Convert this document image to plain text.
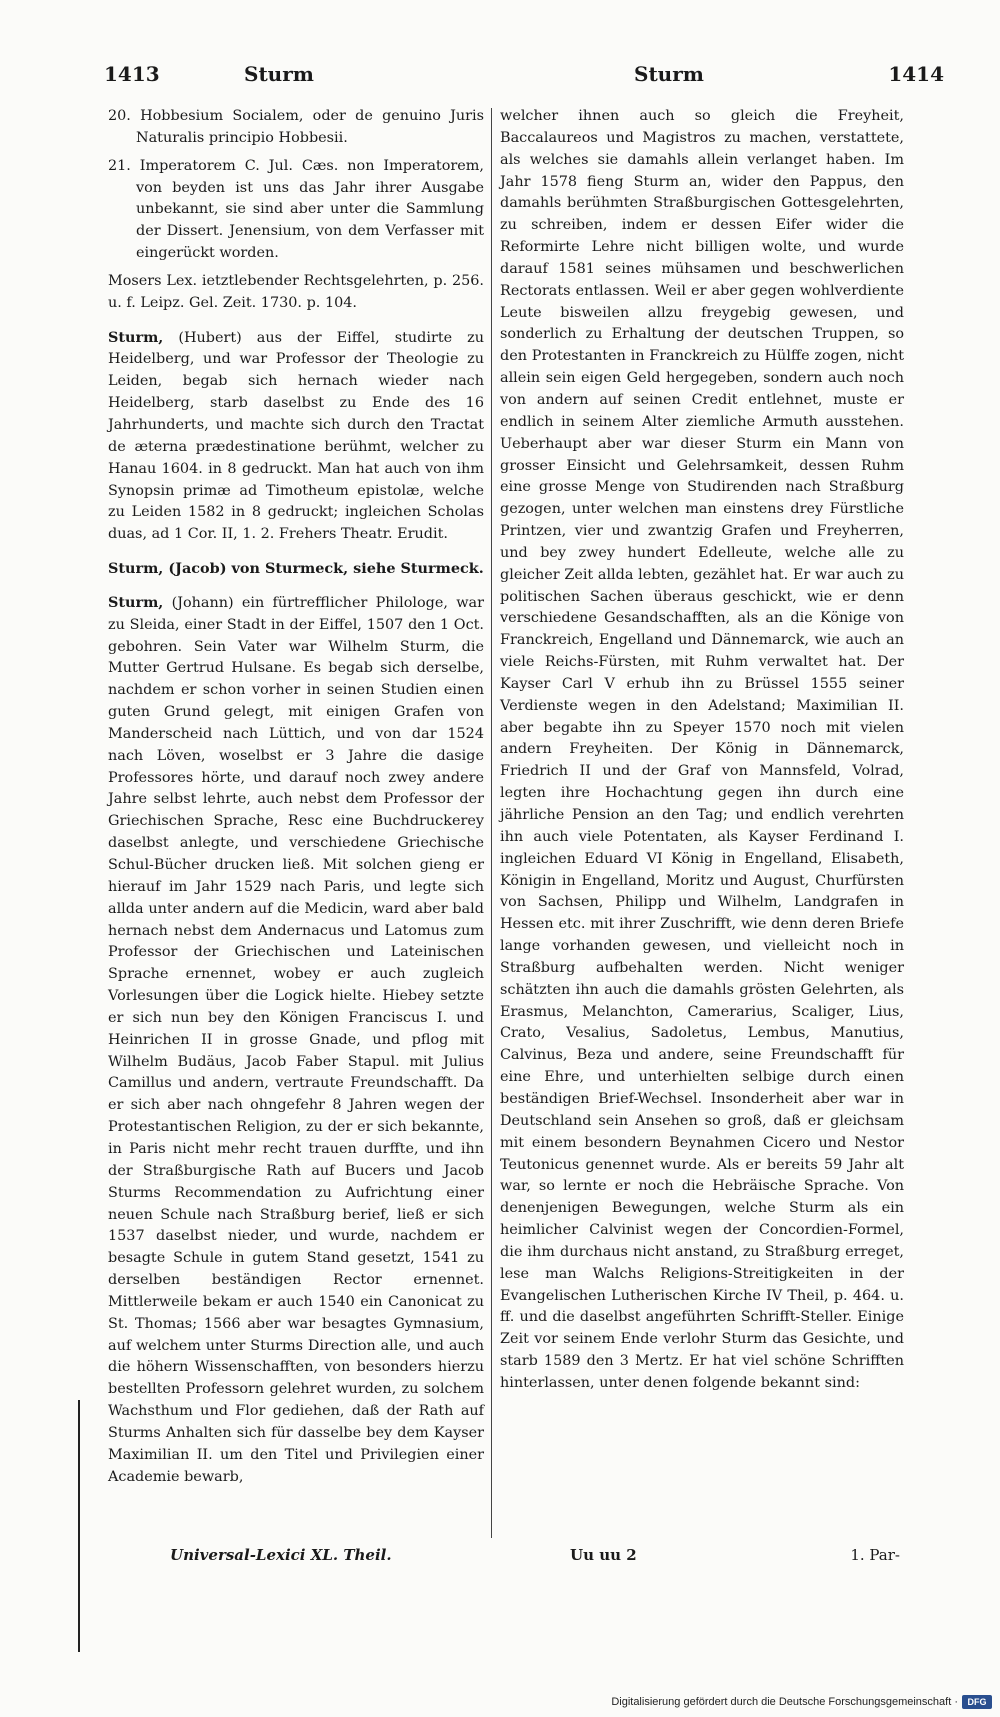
1413	Sturm	Sturm	1414

20. Hobbesium Socialem, oder de genuino Juris Naturalis principio Hobbesii.

21. Imperatorem C. Jul. Cæs. non Imperatorem, von beyden ist uns das Jahr ihrer Ausgabe unbekannt, sie sind aber unter die Sammlung der Dissert. Jenensium, von dem Verfasser mit eingerückt worden.

Mosers Lex. ietztlebender Rechtsgelehrten, p. 256. u. f. Leipz. Gel. Zeit. 1730. p. 104.

Sturm, (Hubert) aus der Eiffel, studirte zu Heidelberg, und war Professor der Theologie zu Leiden, begab sich hernach wieder nach Heidelberg, starb daselbst zu Ende des 16 Jahrhunderts, und machte sich durch den Tractat de æterna prædestinatione berühmt, welcher zu Hanau 1604. in 8 gedruckt. Man hat auch von ihm Synopsin primæ ad Timotheum epistolæ, welche zu Leiden 1582 in 8 gedruckt; ingleichen Scholas duas, ad 1 Cor. II, 1. 2. Frehers Theatr. Erudit.

Sturm, (Jacob) von Sturmeck, siehe Sturmeck.

Sturm, (Johann) ein fürtrefflicher Philologe, war zu Sleida, einer Stadt in der Eiffel, 1507 den 1 Oct. gebohren. Sein Vater war Wilhelm Sturm, die Mutter Gertrud Hulsane. Es begab sich derselbe, nachdem er schon vorher in seinen Studien einen guten Grund gelegt, mit einigen Grafen von Manderscheid nach Lüttich, und von dar 1524 nach Löven, woselbst er 3 Jahre die dasige Professores hörte, und darauf noch zwey andere Jahre selbst lehrte, auch nebst dem Professor der Griechischen Sprache, Resc eine Buchdruckerey daselbst anlegte, und verschiedene Griechische Schul-Bücher drucken ließ. Mit solchen gieng er hierauf im Jahr 1529 nach Paris, und legte sich allda unter andern auf die Medicin, ward aber bald hernach nebst dem Andernacus und Latomus zum Professor der Griechischen und Lateinischen Sprache ernennet, wobey er auch zugleich Vorlesungen über die Logick hielte. Hiebey setzte er sich nun bey den Königen Franciscus I. und Heinrichen II in grosse Gnade, und pflog mit Wilhelm Budäus, Jacob Faber Stapul. mit Julius Camillus und andern, vertraute Freundschafft. Da er sich aber nach ohngefehr 8 Jahren wegen der Protestantischen Religion, zu der er sich bekannte, in Paris nicht mehr recht trauen durffte, und ihn der Straßburgische Rath auf Bucers und Jacob Sturms Recommendation zu Aufrichtung einer neuen Schule nach Straßburg berief, ließ er sich 1537 daselbst nieder, und wurde, nachdem er besagte Schule in gutem Stand gesetzt, 1541 zu derselben beständigen Rector ernennet. Mittlerweile bekam er auch 1540 ein Canonicat zu St. Thomas; 1566 aber war besagtes Gymnasium, auf welchem unter Sturms Direction alle, und auch die höhern Wissenschafften, von besonders hierzu bestellten Professorn gelehret wurden, zu solchem Wachsthum und Flor gediehen, daß der Rath auf Sturms Anhalten sich für dasselbe bey dem Kayser Maximilian II. um den Titel und Privilegien einer Academie bewarb,

welcher ihnen auch so gleich die Freyheit, Baccalaureos und Magistros zu machen, verstattete, als welches sie damahls allein verlanget haben. Im Jahr 1578 fieng Sturm an, wider den Pappus, den damahls berühmten Straßburgischen Gottesgelehrten, zu schreiben, indem er dessen Eifer wider die Reformirte Lehre nicht billigen wolte, und wurde darauf 1581 seines mühsamen und beschwerlichen Rectorats entlassen. Weil er aber gegen wohlverdiente Leute bisweilen allzu freygebig gewesen, und sonderlich zu Erhaltung der deutschen Truppen, so den Protestanten in Franckreich zu Hülffe zogen, nicht allein sein eigen Geld hergegeben, sondern auch noch von andern auf seinen Credit entlehnet, muste er endlich in seinem Alter ziemliche Armuth ausstehen. Ueberhaupt aber war dieser Sturm ein Mann von grosser Einsicht und Gelehrsamkeit, dessen Ruhm eine grosse Menge von Studirenden nach Straßburg gezogen, unter welchen man einstens drey Fürstliche Printzen, vier und zwantzig Grafen und Freyherren, und bey zwey hundert Edelleute, welche alle zu gleicher Zeit allda lebten, gezählet hat. Er war auch zu politischen Sachen überaus geschickt, wie er denn verschiedene Gesandschafften, als an die Könige von Franckreich, Engelland und Dännemarck, wie auch an viele Reichs-Fürsten, mit Ruhm verwaltet hat. Der Kayser Carl V erhub ihn zu Brüssel 1555 seiner Verdienste wegen in den Adelstand; Maximilian II. aber begabte ihn zu Speyer 1570 noch mit vielen andern Freyheiten. Der König in Dännemarck, Friedrich II und der Graf von Mannsfeld, Volrad, legten ihre Hochachtung gegen ihn durch eine jährliche Pension an den Tag; und endlich verehrten ihn auch viele Potentaten, als Kayser Ferdinand I. ingleichen Eduard VI König in Engelland, Elisabeth, Königin in Engelland, Moritz und August, Churfürsten von Sachsen, Philipp und Wilhelm, Landgrafen in Hessen etc. mit ihrer Zuschrifft, wie denn deren Briefe lange vorhanden gewesen, und vielleicht noch in Straßburg aufbehalten werden. Nicht weniger schätzten ihn auch die damahls grösten Gelehrten, als Erasmus, Melanchton, Camerarius, Scaliger, Lius, Crato, Vesalius, Sadoletus, Lembus, Manutius, Calvinus, Beza und andere, seine Freundschafft für eine Ehre, und unterhielten selbige durch einen beständigen Brief-Wechsel. Insonderheit aber war in Deutschland sein Ansehen so groß, daß er gleichsam mit einem besondern Beynahmen Cicero und Nestor Teutonicus genennet wurde. Als er bereits 59 Jahr alt war, so lernte er noch die Hebräische Sprache. Von denenjenigen Bewegungen, welche Sturm als ein heimlicher Calvinist wegen der Concordien-Formel, die ihm durchaus nicht anstand, zu Straßburg erreget, lese man Walchs Religions-Streitigkeiten in der Evangelischen Lutherischen Kirche IV Theil, p. 464. u. ff. und die daselbst angeführten Schrifft-Steller. Einige Zeit vor seinem Ende verlohr Sturm das Gesichte, und starb 1589 den 3 Mertz. Er hat viel schöne Schrifften hinterlassen, unter denen folgende bekannt sind:

Universal-Lexici XL. Theil.	Uu uu 2	1. Par-
Digitalisierung gefördert durch die Deutsche Forschungsgemeinschaft ·	DFG
